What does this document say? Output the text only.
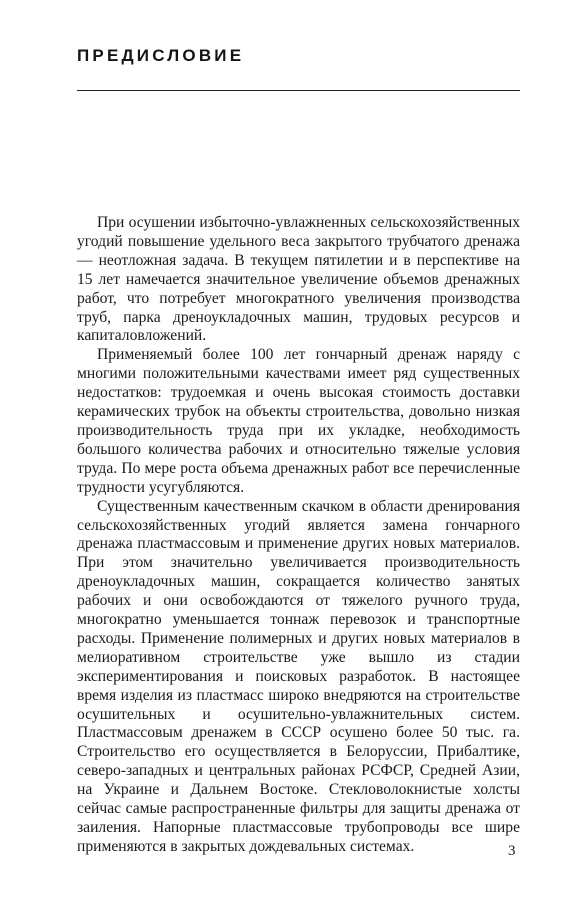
ПРЕДИСЛОВИЕ

При осушении избыточно-увлажненных сельскохозяйственных угодий повышение удельного веса закрытого трубчатого дренажа — неотложная задача. В текущем пятилетии и в перспективе на 15 лет намечается значительное увеличение объемов дренажных работ, что потребует многократного увеличения производства труб, парка дреноукладочных машин, трудовых ресурсов и капиталовложений.

Применяемый более 100 лет гончарный дренаж наряду с многими положительными качествами имеет ряд существенных недостатков: трудоемкая и очень высокая стоимость доставки керамических трубок на объекты строительства, довольно низкая производительность труда при их укладке, необходимость большого количества рабочих и относительно тяжелые условия труда. По мере роста объема дренажных работ все перечисленные трудности усугубляются.

Существенным качественным скачком в области дренирования сельскохозяйственных угодий является замена гончарного дренажа пластмассовым и применение других новых материалов. При этом значительно увеличивается производительность дреноукладочных машин, сокращается количество занятых рабочих и они освобождаются от тяжелого ручного труда, многократно уменьшается тоннаж перевозок и транспортные расходы. Применение полимерных и других новых материалов в мелиоративном строительстве уже вышло из стадии экспериментирования и поисковых разработок. В настоящее время изделия из пластмасс широко внедряются на строительстве осушительных и осушительно-увлажнительных систем. Пластмассовым дренажем в СССР осушено более 50 тыс. га. Строительство его осуществляется в Белоруссии, Прибалтике, северо-западных и центральных районах РСФСР, Средней Азии, на Украине и Дальнем Востоке. Стекловолокнистые холсты сейчас самые распространенные фильтры для защиты дренажа от заиления. Напорные пластмассовые трубопроводы все шире применяются в закрытых дождевальных системах.	3
